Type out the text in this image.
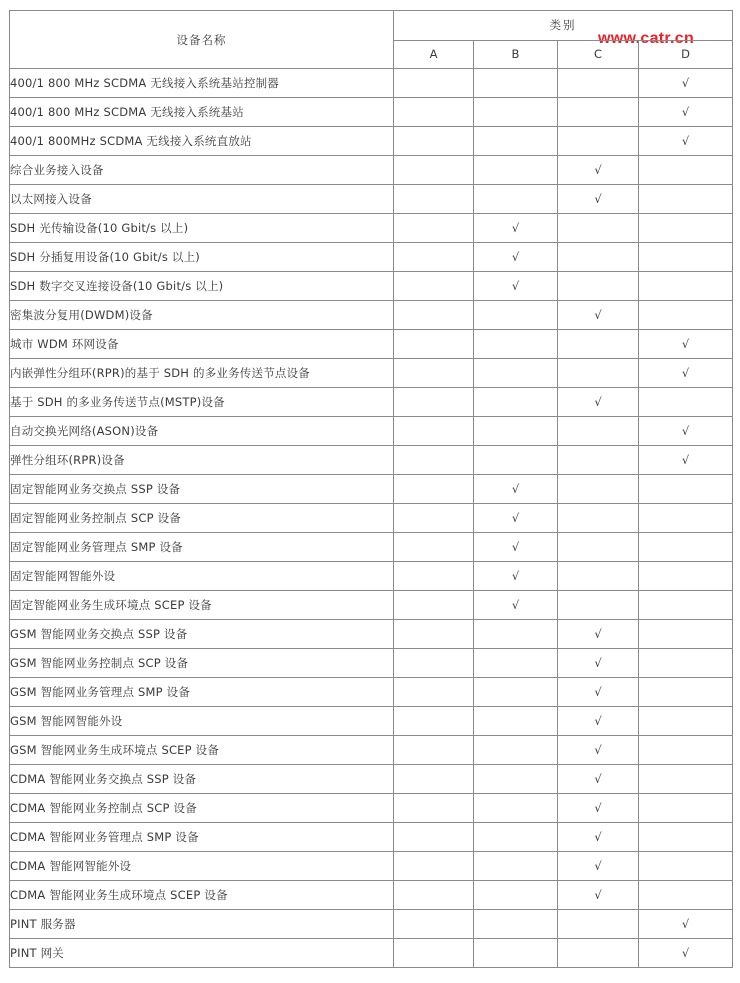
www.catr.cn
设备名称	类别			
	A	B	C	D
400/1 800 MHz SCDMA 无线接入系统基站控制器				√
400/1 800 MHz SCDMA 无线接入系统基站				√
400/1 800MHz SCDMA 无线接入系统直放站				√
综合业务接入设备			√	
以太网接入设备			√	
SDH 光传输设备(10 Gbit/s 以上)		√		
SDH 分插复用设备(10 Gbit/s 以上)		√		
SDH 数字交叉连接设备(10 Gbit/s 以上)		√		
密集波分复用(DWDM)设备			√	
城市 WDM 环网设备				√
内嵌弹性分组环(RPR)的基于 SDH 的多业务传送节点设备				√
基于 SDH 的多业务传送节点(MSTP)设备			√	
自动交换光网络(ASON)设备				√
弹性分组环(RPR)设备				√
固定智能网业务交换点 SSP 设备		√		
固定智能网业务控制点 SCP 设备		√		
固定智能网业务管理点 SMP 设备		√		
固定智能网智能外设		√		
固定智能网业务生成环境点 SCEP 设备		√		
GSM 智能网业务交换点 SSP 设备			√	
GSM 智能网业务控制点 SCP 设备			√	
GSM 智能网业务管理点 SMP 设备			√	
GSM 智能网智能外设			√	
GSM 智能网业务生成环境点 SCEP 设备			√	
CDMA 智能网业务交换点 SSP 设备			√	
CDMA 智能网业务控制点 SCP 设备			√	
CDMA 智能网业务管理点 SMP 设备			√	
CDMA 智能网智能外设			√	
CDMA 智能网业务生成环境点 SCEP 设备			√	
PINT 服务器				√
PINT 网关				√
